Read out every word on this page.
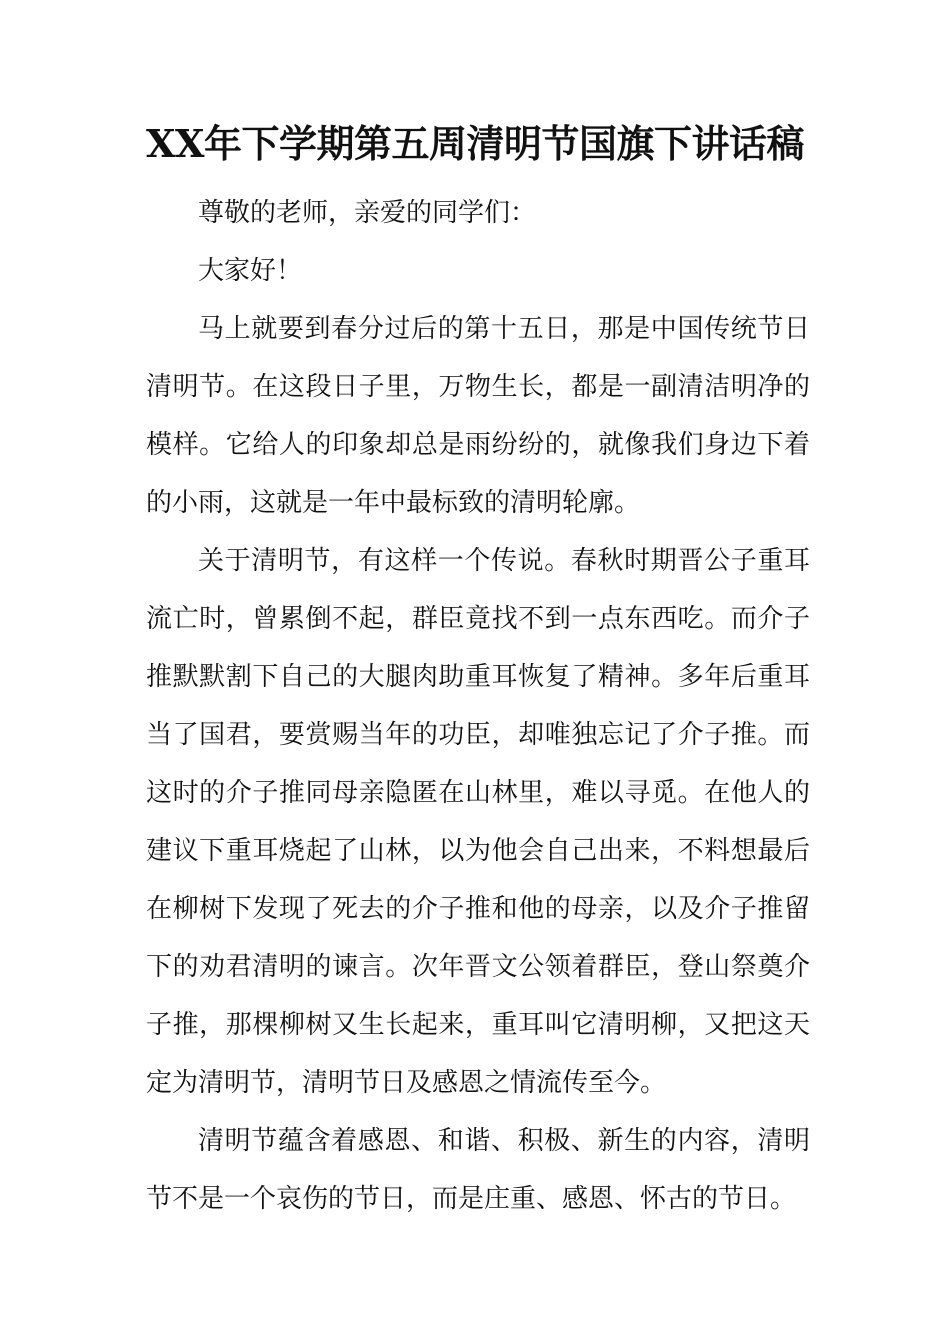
XX年下学期第五周清明节国旗下讲话稿

尊敬的老师，亲爱的同学们：

大家好！

马上就要到春分过后的第十五日，那是中国传统节日清明节。在这段日子里，万物生长，都是一副清洁明净的模样。它给人的印象却总是雨纷纷的，就像我们身边下着的小雨，这就是一年中最标致的清明轮廓。

关于清明节，有这样一个传说。春秋时期晋公子重耳流亡时，曾累倒不起，群臣竟找不到一点东西吃。而介子推默默割下自己的大腿肉助重耳恢复了精神。多年后重耳当了国君，要赏赐当年的功臣，却唯独忘记了介子推。而这时的介子推同母亲隐匿在山林里，难以寻觅。在他人的建议下重耳烧起了山林，以为他会自己出来，不料想最后在柳树下发现了死去的介子推和他的母亲，以及介子推留下的劝君清明的谏言。次年晋文公领着群臣，登山祭奠介子推，那棵柳树又生长起来，重耳叫它清明柳，又把这天定为清明节，清明节日及感恩之情流传至今。

清明节蕴含着感恩、和谐、积极、新生的内容，清明节不是一个哀伤的节日，而是庄重、感恩、怀古的节日。
